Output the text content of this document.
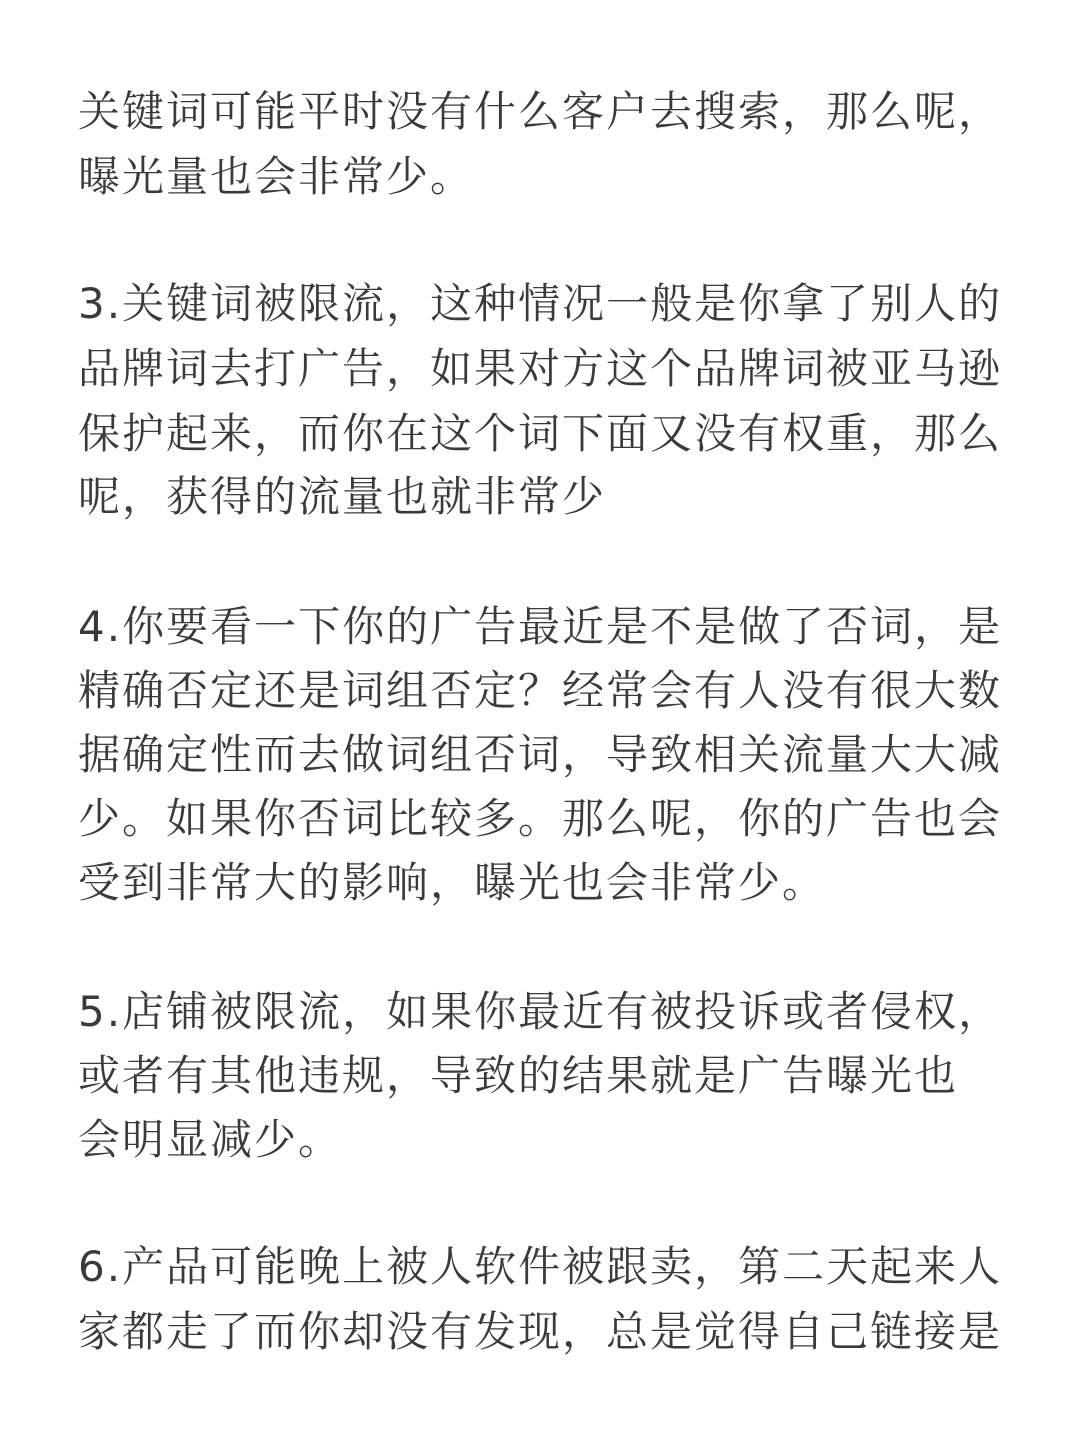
关键词可能平时没有什么客户去搜索，那么呢，
曝光量也会非常少。
3.关键词被限流，这种情况一般是你拿了别人的
品牌词去打广告，如果对方这个品牌词被亚马逊
保护起来，而你在这个词下面又没有权重，那么
呢，获得的流量也就非常少
4.你要看一下你的广告最近是不是做了否词，是
精确否定还是词组否定？经常会有人没有很大数
据确定性而去做词组否词，导致相关流量大大减
少。如果你否词比较多。那么呢，你的广告也会
受到非常大的影响，曝光也会非常少。
5.店铺被限流，如果你最近有被投诉或者侵权，
或者有其他违规，导致的结果就是广告曝光也
会明显减少。
6.产品可能晚上被人软件被跟卖，第二天起来人
家都走了而你却没有发现，总是觉得自己链接是
